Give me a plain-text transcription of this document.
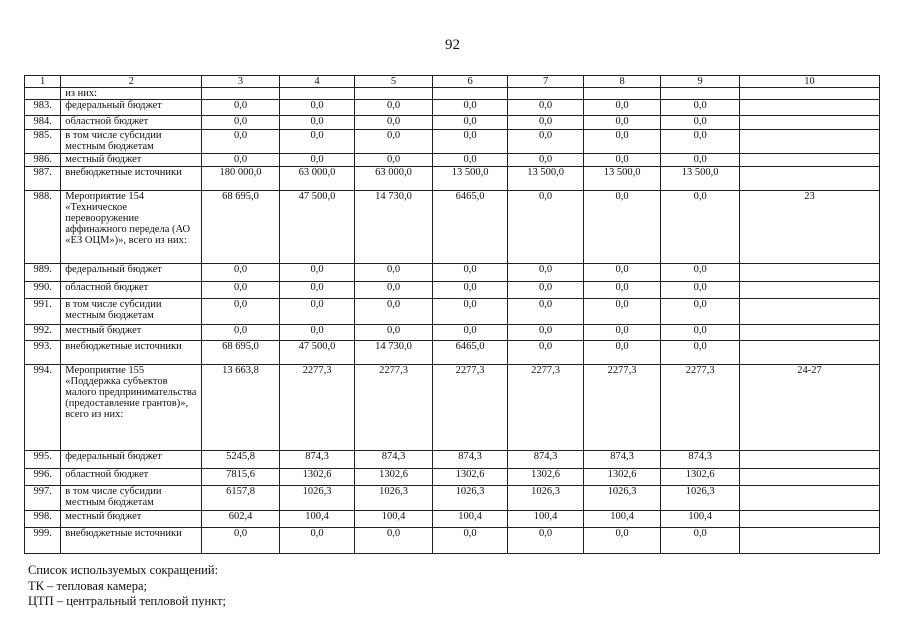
92
1	2	3	4	5	6	7	8	9	10
	из них:								
983.	федеральный бюджет	0,0	0,0	0,0	0,0	0,0	0,0	0,0	
984.	областной бюджет	0,0	0,0	0,0	0,0	0,0	0,0	0,0	
985.	в том числе субсидии местным бюджетам	0,0	0,0	0,0	0,0	0,0	0,0	0,0	
986.	местный бюджет	0,0	0,0	0,0	0,0	0,0	0,0	0,0	
987.	внебюджетные источники	180 000,0	63 000,0	63 000,0	13 500,0	13 500,0	13 500,0	13 500,0	
988.	Мероприятие 154 «Техническое перевооружение аффинажного передела (АО «ЕЗ ОЦМ»)», всего из них:	68 695,0	47 500,0	14 730,0	6465,0	0,0	0,0	0,0	23
989.	федеральный бюджет	0,0	0,0	0,0	0,0	0,0	0,0	0,0	
990.	областной бюджет	0,0	0,0	0,0	0,0	0,0	0,0	0,0	
991.	в том числе субсидии местным бюджетам	0,0	0,0	0,0	0,0	0,0	0,0	0,0	
992.	местный бюджет	0,0	0,0	0,0	0,0	0,0	0,0	0,0	
993.	внебюджетные источники	68 695,0	47 500,0	14 730,0	6465,0	0,0	0,0	0,0	
994.	Мероприятие 155 «Поддержка субъектов малого предпринимательства (предоставление грантов)», всего из них:	13 663,8	2277,3	2277,3	2277,3	2277,3	2277,3	2277,3	24-27
995.	федеральный бюджет	5245,8	874,3	874,3	874,3	874,3	874,3	874,3	
996.	областной бюджет	7815,6	1302,6	1302,6	1302,6	1302,6	1302,6	1302,6	
997.	в том числе субсидии местным бюджетам	6157,8	1026,3	1026,3	1026,3	1026,3	1026,3	1026,3	
998.	местный бюджет	602,4	100,4	100,4	100,4	100,4	100,4	100,4	
999.	внебюджетные источники	0,0	0,0	0,0	0,0	0,0	0,0	0,0	
Список используемых сокращений:
ТК – тепловая камера;
ЦТП – центральный тепловой пункт;
